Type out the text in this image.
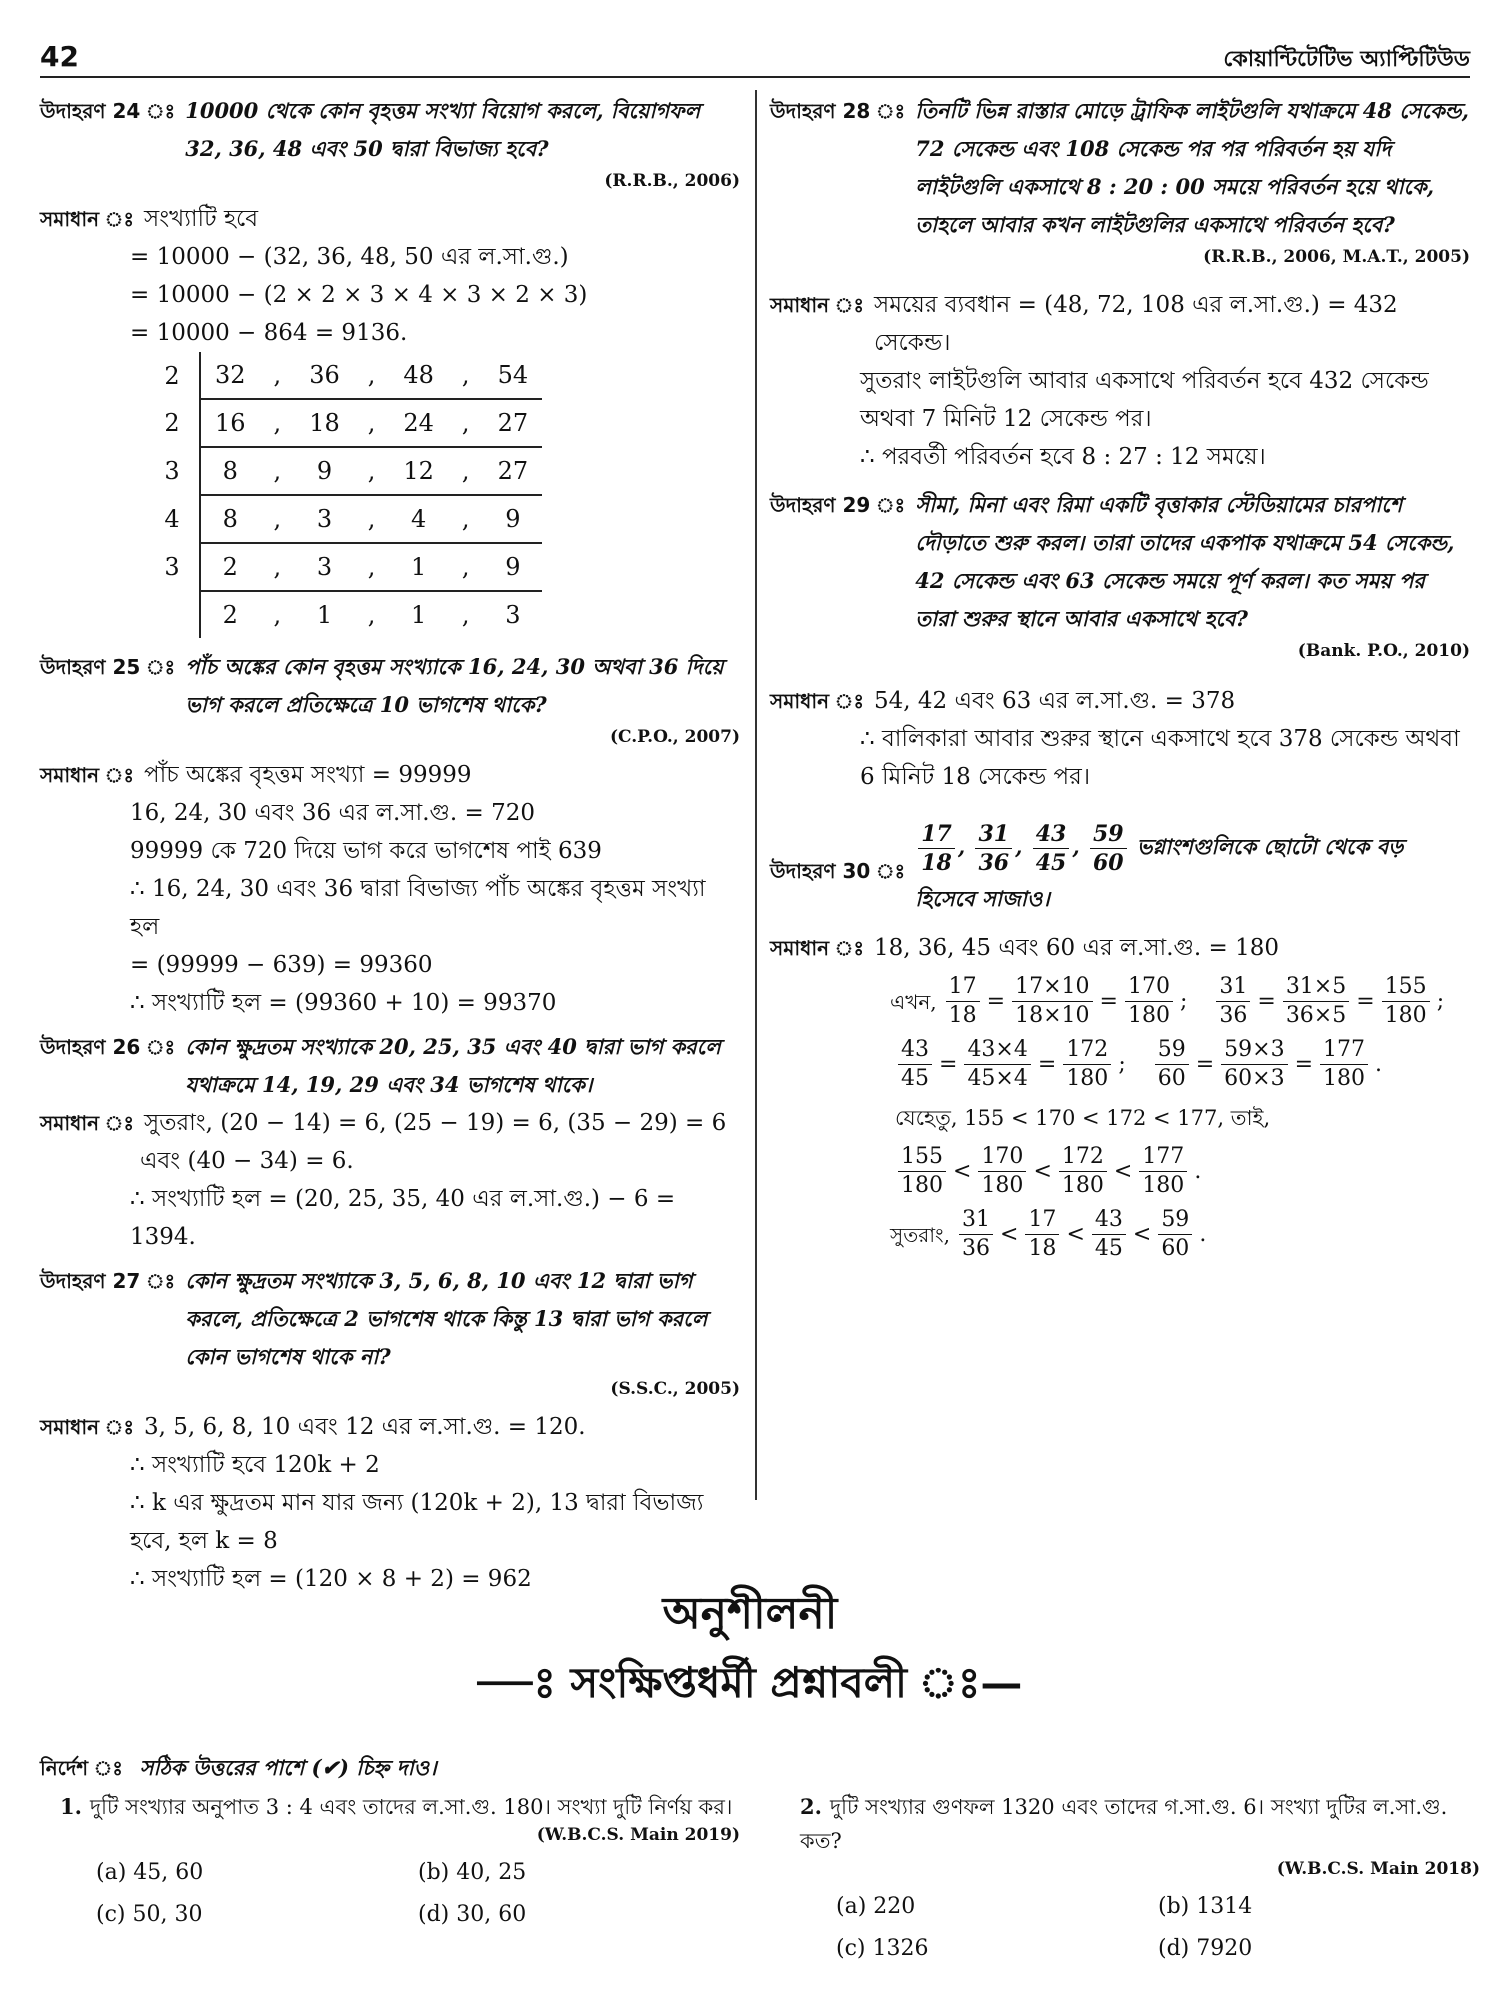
42	কোয়ান্টিটেটিভ অ্যাপ্টিটিউড
উদাহরণ 24 ঃ 10000 থেকে কোন বৃহত্তম সংখ্যা বিয়োগ করলে, বিয়োগফল 32, 36, 48 এবং 50 দ্বারা বিভাজ্য হবে?
(R.R.B., 2006)
সমাধান ঃ সংখ্যাটি হবে
= 10000 − (32, 36, 48, 50 এর ল.সা.গু.)
= 10000 − (2 × 2 × 3 × 4 × 3 × 2 × 3)
= 10000 − 864 = 9136.
2	32	,	36	,	48	,	54
2	16	,	18	,	24	,	27
3	8	,	9	,	12	,	27
4	8	,	3	,	4	,	9
3	2	,	3	,	1	,	9
	2	,	1	,	1	,	3
উদাহরণ 25 ঃ পাঁচ অঙ্কের কোন বৃহত্তম সংখ্যাকে 16, 24, 30 অথবা 36 দিয়ে ভাগ করলে প্রতিক্ষেত্রে 10 ভাগশেষ থাকে?
(C.P.O., 2007)
সমাধান ঃ পাঁচ অঙ্কের বৃহত্তম সংখ্যা = 99999
16, 24, 30 এবং 36 এর ল.সা.গু. = 720
99999 কে 720 দিয়ে ভাগ করে ভাগশেষ পাই 639
∴ 16, 24, 30 এবং 36 দ্বারা বিভাজ্য পাঁচ অঙ্কের বৃহত্তম সংখ্যা হল
= (99999 − 639) = 99360
∴ সংখ্যাটি হল = (99360 + 10) = 99370
উদাহরণ 26 ঃ কোন ক্ষুদ্রতম সংখ্যাকে 20, 25, 35 এবং 40 দ্বারা ভাগ করলে যথাক্রমে 14, 19, 29 এবং 34 ভাগশেষ থাকে।
সমাধান ঃ সুতরাং, (20 − 14) = 6, (25 − 19) = 6, (35 − 29) = 6
এবং (40 − 34) = 6.
∴ সংখ্যাটি হল = (20, 25, 35, 40 এর ল.সা.গু.) − 6 = 1394.
উদাহরণ 27 ঃ কোন ক্ষুদ্রতম সংখ্যাকে 3, 5, 6, 8, 10 এবং 12 দ্বারা ভাগ করলে, প্রতিক্ষেত্রে 2 ভাগশেষ থাকে কিন্তু 13 দ্বারা ভাগ করলে কোন ভাগশেষ থাকে না?
(S.S.C., 2005)
সমাধান ঃ 3, 5, 6, 8, 10 এবং 12 এর ল.সা.গু. = 120.
∴ সংখ্যাটি হবে 120k + 2
∴ k এর ক্ষুদ্রতম মান যার জন্য (120k + 2), 13 দ্বারা বিভাজ্য হবে, হল k = 8
∴ সংখ্যাটি হল = (120 × 8 + 2) = 962
উদাহরণ 28 ঃ তিনটি ভিন্ন রাস্তার মোড়ে ট্রাফিক লাইটগুলি যথাক্রমে 48 সেকেন্ড, 72 সেকেন্ড এবং 108 সেকেন্ড পর পর পরিবর্তন হয় যদি লাইটগুলি একসাথে 8 : 20 : 00 সময়ে পরিবর্তন হয়ে থাকে, তাহলে আবার কখন লাইটগুলির একসাথে পরিবর্তন হবে?
(R.R.B., 2006, M.A.T., 2005)
সমাধান ঃ সময়ের ব্যবধান = (48, 72, 108 এর ল.সা.গু.) = 432 সেকেন্ড।
সুতরাং লাইটগুলি আবার একসাথে পরিবর্তন হবে 432 সেকেন্ড অথবা 7 মিনিট 12 সেকেন্ড পর।
∴ পরবর্তী পরিবর্তন হবে 8 : 27 : 12 সময়ে।
উদাহরণ 29 ঃ সীমা, মিনা এবং রিমা একটি বৃত্তাকার স্টেডিয়ামের চারপাশে দৌড়াতে শুরু করল। তারা তাদের একপাক যথাক্রমে 54 সেকেন্ড, 42 সেকেন্ড এবং 63 সেকেন্ড সময়ে পূর্ণ করল। কত সময় পর তারা শুরুর স্থানে আবার একসাথে হবে?
(Bank. P.O., 2010)
সমাধান ঃ 54, 42 এবং 63 এর ল.সা.গু. = 378
∴ বালিকারা আবার শুরুর স্থানে একসাথে হবে 378 সেকেন্ড অথবা 6 মিনিট 18 সেকেন্ড পর।
উদাহরণ 30 ঃ $\frac{17}{18}$ , $\frac{31}{36}$ , $\frac{43}{45}$ , $\frac{59}{60}$ ভগ্নাংশগুলিকে ছোটো থেকে বড় হিসেবে সাজাও।
সমাধান ঃ 18, 36, 45 এবং 60 এর ল.সা.গু. = 180
এখন, $\frac{17}{18} = \frac{17\times 10}{18\times 10} = \frac{170}{180}$ ; $\frac{31}{36} = \frac{31\times 5}{36\times 5} = \frac{155}{180}$ ;
$\frac{43}{45} = \frac{43\times 4}{45\times 4} = \frac{172}{180}$ ; $\frac{59}{60} = \frac{59\times 3}{60\times 3} = \frac{177}{180}$ .
যেহেতু, 155 < 170 < 172 < 177, তাই,
$\frac{155}{180} < \frac{170}{180} < \frac{172}{180} < \frac{177}{180}$ .
সুতরাং, $\frac{31}{36} < \frac{17}{18} < \frac{43}{45} < \frac{59}{60}$ .
অনুশীলনী
—ঃ সংক্ষিপ্তধর্মী প্রশ্নাবলী ঃ—
নির্দেশ ঃ সঠিক উত্তরের পাশে (✔) চিহ্ন দাও।
1. দুটি সংখ্যার অনুপাত 3 : 4 এবং তাদের ল.সা.গু. 180। সংখ্যা দুটি নির্ণয় কর।
(W.B.C.S. Main 2019)
(a) 45, 60	(b) 40, 25
(c) 50, 30	(d) 30, 60
2. দুটি সংখ্যার গুণফল 1320 এবং তাদের গ.সা.গু. 6। সংখ্যা দুটির ল.সা.গু. কত?
(W.B.C.S. Main 2018)
(a) 220	(b) 1314
(c) 1326	(d) 7920
